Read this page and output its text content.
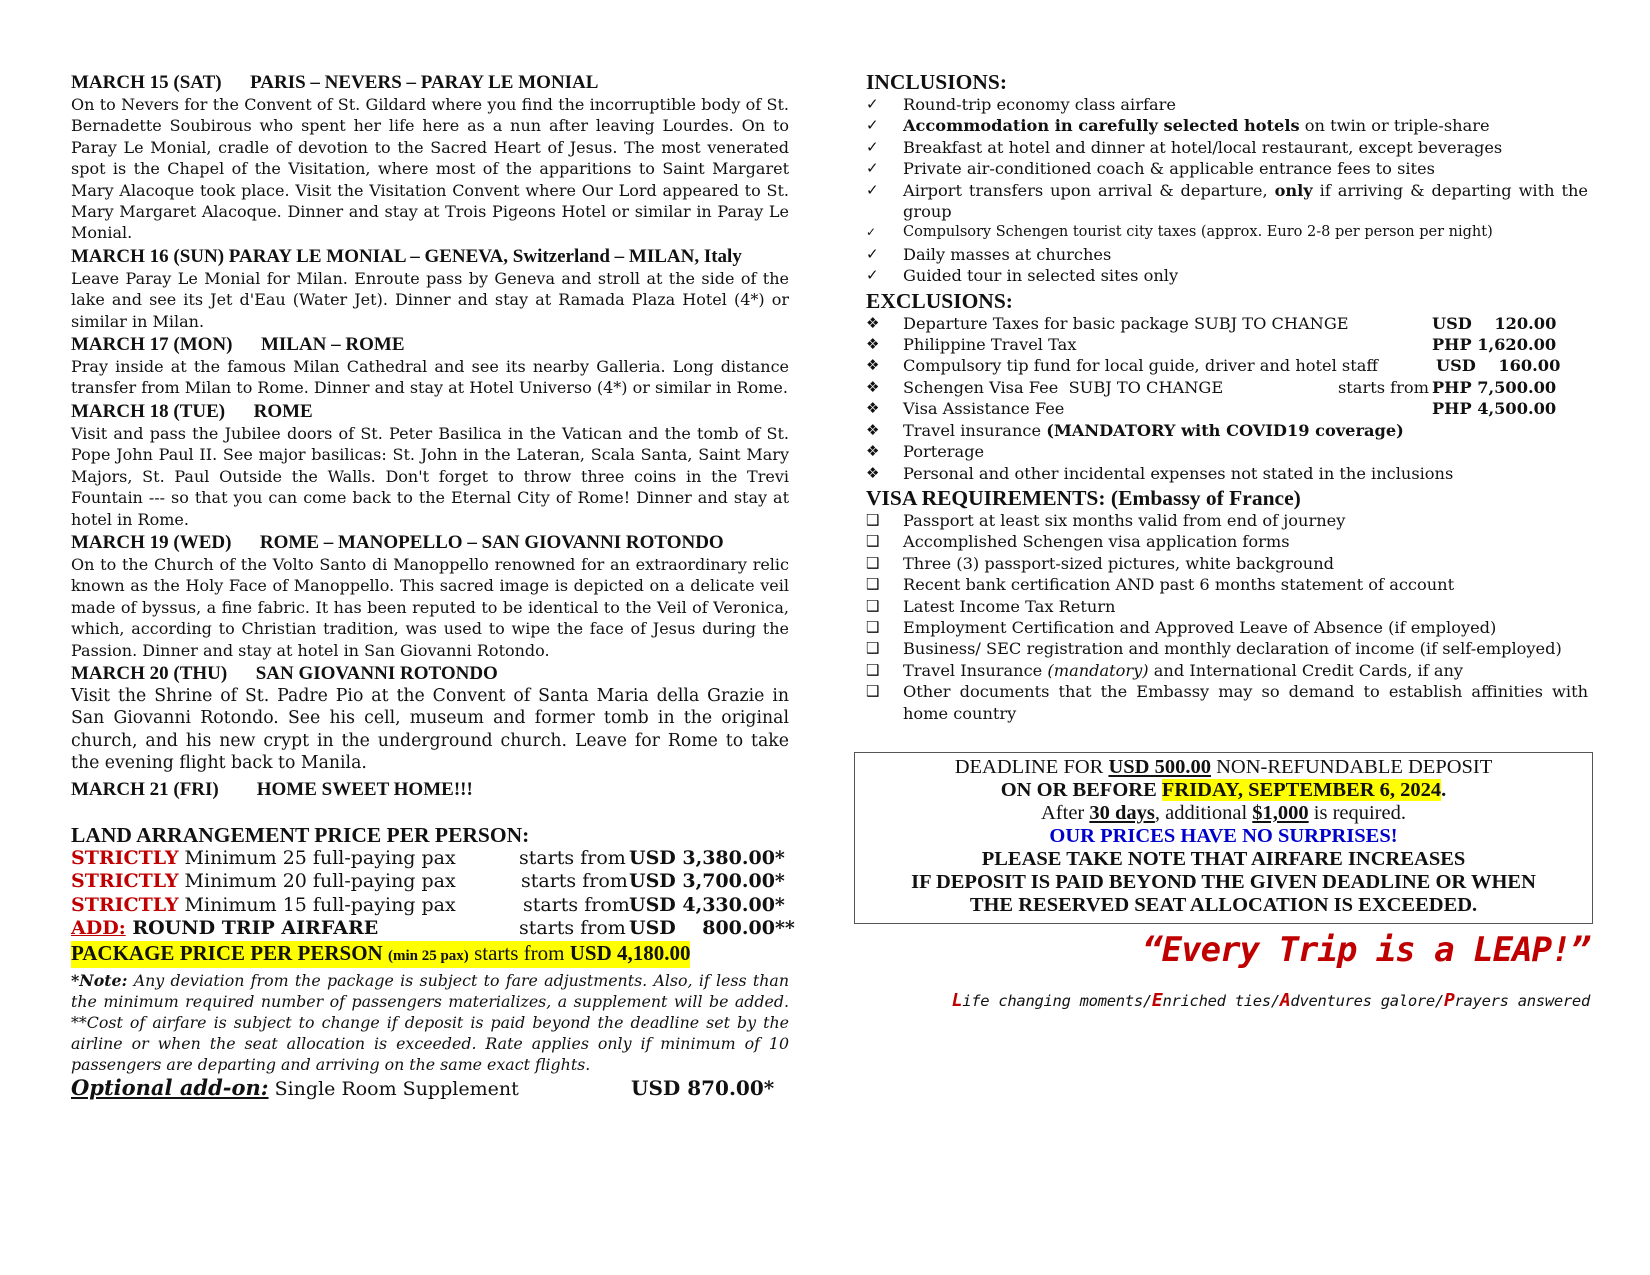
MARCH 15 (SAT)      PARIS – NEVERS – PARAY LE MONIAL

On to Nevers for the Convent of St. Gildard where you find the incorruptible body of St. Bernadette Soubirous who spent her life here as a nun after leaving Lourdes. On to Paray Le Monial, cradle of devotion to the Sacred Heart of Jesus. The most venerated spot is the Chapel of the Visitation, where most of the apparitions to Saint Margaret Mary Alacoque took place. Visit the Visitation Convent where Our Lord appeared to St. Mary Margaret Alacoque. Dinner and stay at Trois Pigeons Hotel or similar in Paray Le Monial.

MARCH 16 (SUN) PARAY LE MONIAL – GENEVA, Switzerland – MILAN, Italy

Leave Paray Le Monial for Milan. Enroute pass by Geneva and stroll at the side of the lake and see its Jet d'Eau (Water Jet). Dinner and stay at Ramada Plaza Hotel (4*) or similar in Milan.

MARCH 17 (MON)      MILAN – ROME

Pray inside at the famous Milan Cathedral and see its nearby Galleria. Long distance transfer from Milan to Rome. Dinner and stay at Hotel Universo (4*) or similar in Rome.

MARCH 18 (TUE)      ROME

Visit and pass the Jubilee doors of St. Peter Basilica in the Vatican and the tomb of St. Pope John Paul II. See major basilicas: St. John in the Lateran, Scala Santa, Saint Mary Majors, St. Paul Outside the Walls. Don't forget to throw three coins in the Trevi Fountain --- so that you can come back to the Eternal City of Rome! Dinner and stay at hotel in Rome.

MARCH 19 (WED)      ROME – MANOPELLO – SAN GIOVANNI ROTONDO

On to the Church of the Volto Santo di Manoppello renowned for an extraordinary relic known as the Holy Face of Manoppello. This sacred image is depicted on a delicate veil made of byssus, a fine fabric. It has been reputed to be identical to the Veil of Veronica, which, according to Christian tradition, was used to wipe the face of Jesus during the Passion. Dinner and stay at hotel in San Giovanni Rotondo.

MARCH 20 (THU)      SAN GIOVANNI ROTONDO

Visit the Shrine of St. Padre Pio at the Convent of Santa Maria della Grazie in San Giovanni Rotondo. See his cell, museum and former tomb in the original church, and his new crypt in the underground church. Leave for Rome to take the evening flight back to Manila.

MARCH 21 (FRI)        HOME SWEET HOME!!!
LAND ARRANGEMENT PRICE PER PERSON:
STRICTLY Minimum 25 full-paying pax	starts from USD 3,380.00*
STRICTLY Minimum 20 full-paying pax	starts from USD 3,700.00*
STRICTLY Minimum 15 full-paying pax	starts from USD 4,330.00*
ADD: ROUND TRIP AIRFARE	starts from USD    800.00**
PACKAGE PRICE PER PERSON (min 25 pax) starts from USD 4,180.00
*Note: Any deviation from the package is subject to fare adjustments. Also, if less than the minimum required number of passengers materializes, a supplement will be added. **Cost of airfare is subject to change if deposit is paid beyond the deadline set by the airline or when the seat allocation is exceeded. Rate applies only if minimum of 10 passengers are departing and arriving on the same exact flights.
Optional add-on: Single Room Supplement	USD 870.00*
INCLUSIONS:
✓	Round-trip economy class airfare
✓	Accommodation in carefully selected hotels on twin or triple-share
✓	Breakfast at hotel and dinner at hotel/local restaurant, except beverages
✓	Private air-conditioned coach & applicable entrance fees to sites
✓	Airport transfers upon arrival & departure, only if arriving & departing with the group
✓	Compulsory Schengen tourist city taxes (approx. Euro 2-8 per person per night)
✓	Daily masses at churches
✓	Guided tour in selected sites only
EXCLUSIONS:
❖	Departure Taxes for basic package SUBJ TO CHANGE	USD    120.00
❖	Philippine Travel Tax	PHP 1,620.00
❖	Compulsory tip fund for local guide, driver and hotel staff	USD    160.00
❖	Schengen Visa Fee  SUBJ TO CHANGE	starts from PHP 7,500.00
❖	Visa Assistance Fee	PHP 4,500.00
❖	Travel insurance (MANDATORY with COVID19 coverage)
❖	Porterage
❖	Personal and other incidental expenses not stated in the inclusions
VISA REQUIREMENTS: (Embassy of France)
❑	Passport at least six months valid from end of journey
❑	Accomplished Schengen visa application forms
❑	Three (3) passport-sized pictures, white background
❑	Recent bank certification AND past 6 months statement of account
❑	Latest Income Tax Return
❑	Employment Certification and Approved Leave of Absence (if employed)
❑	Business/ SEC registration and monthly declaration of income (if self-employed)
❑	Travel Insurance (mandatory) and International Credit Cards, if any
❑	Other documents that the Embassy may so demand to establish affinities with home country
DEADLINE FOR USD 500.00 NON-REFUNDABLE DEPOSIT
ON OR BEFORE FRIDAY, SEPTEMBER 6, 2024.
After 30 days, additional $1,000 is required.
OUR PRICES HAVE NO SURPRISES!
PLEASE TAKE NOTE THAT AIRFARE INCREASES
IF DEPOSIT IS PAID BEYOND THE GIVEN DEADLINE OR WHEN
THE RESERVED SEAT ALLOCATION IS EXCEEDED.
“Every Trip is a LEAP!”
Life changing moments/Enriched ties/Adventures galore/Prayers answered
